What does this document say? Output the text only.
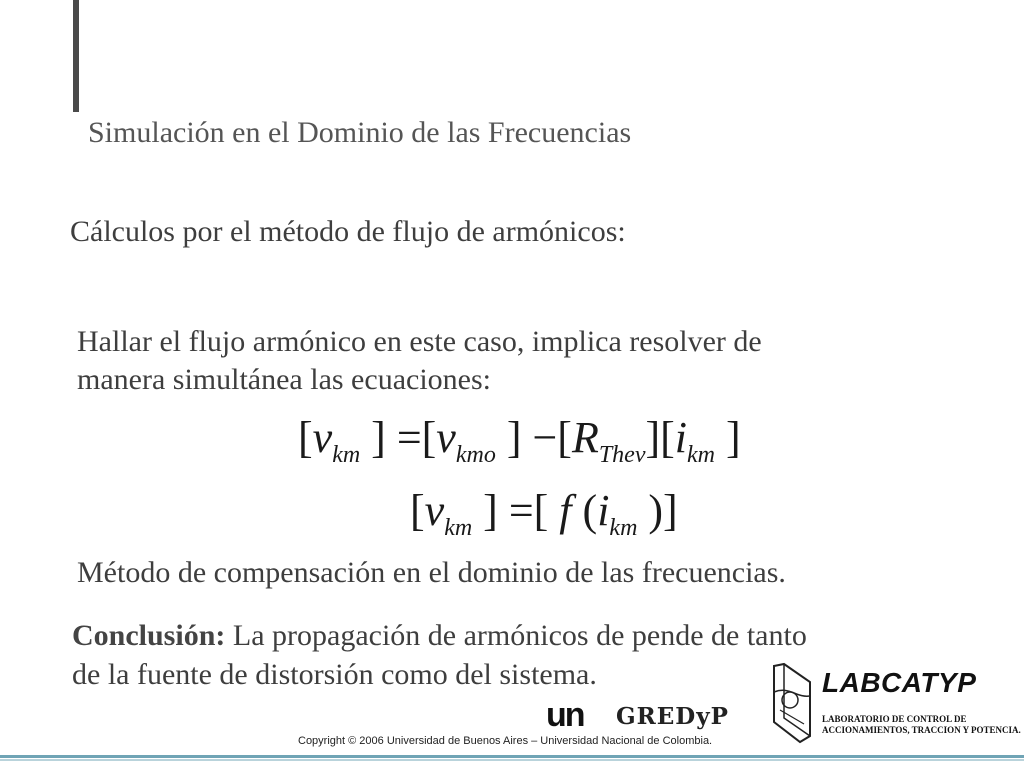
Simulación en el Dominio de las Frecuencias
Cálculos por el método de flujo de armónicos:
Hallar el flujo armónico en este caso, implica resolver de
manera simultánea las ecuaciones:
[$v_{km}$ ] $=[v_{kmo}$ ] $-[R_{Thev}][i_{km}$ ]
[$v_{km}$ ] =[ f ($i_{km}$ )]
Método de compensación en el dominio de las frecuencias.
Conclusión: La propagación de armónicos de pende de tanto
de la fuente de distorsión como del sistema.
un GREDyP
LABCATYP
LABORATORIO DE CONTROL DE
ACCIONAMIENTOS, TRACCION Y POTENCIA.
Copyright © 2006 Universidad de Buenos Aires – Universidad Nacional de Colombia.
